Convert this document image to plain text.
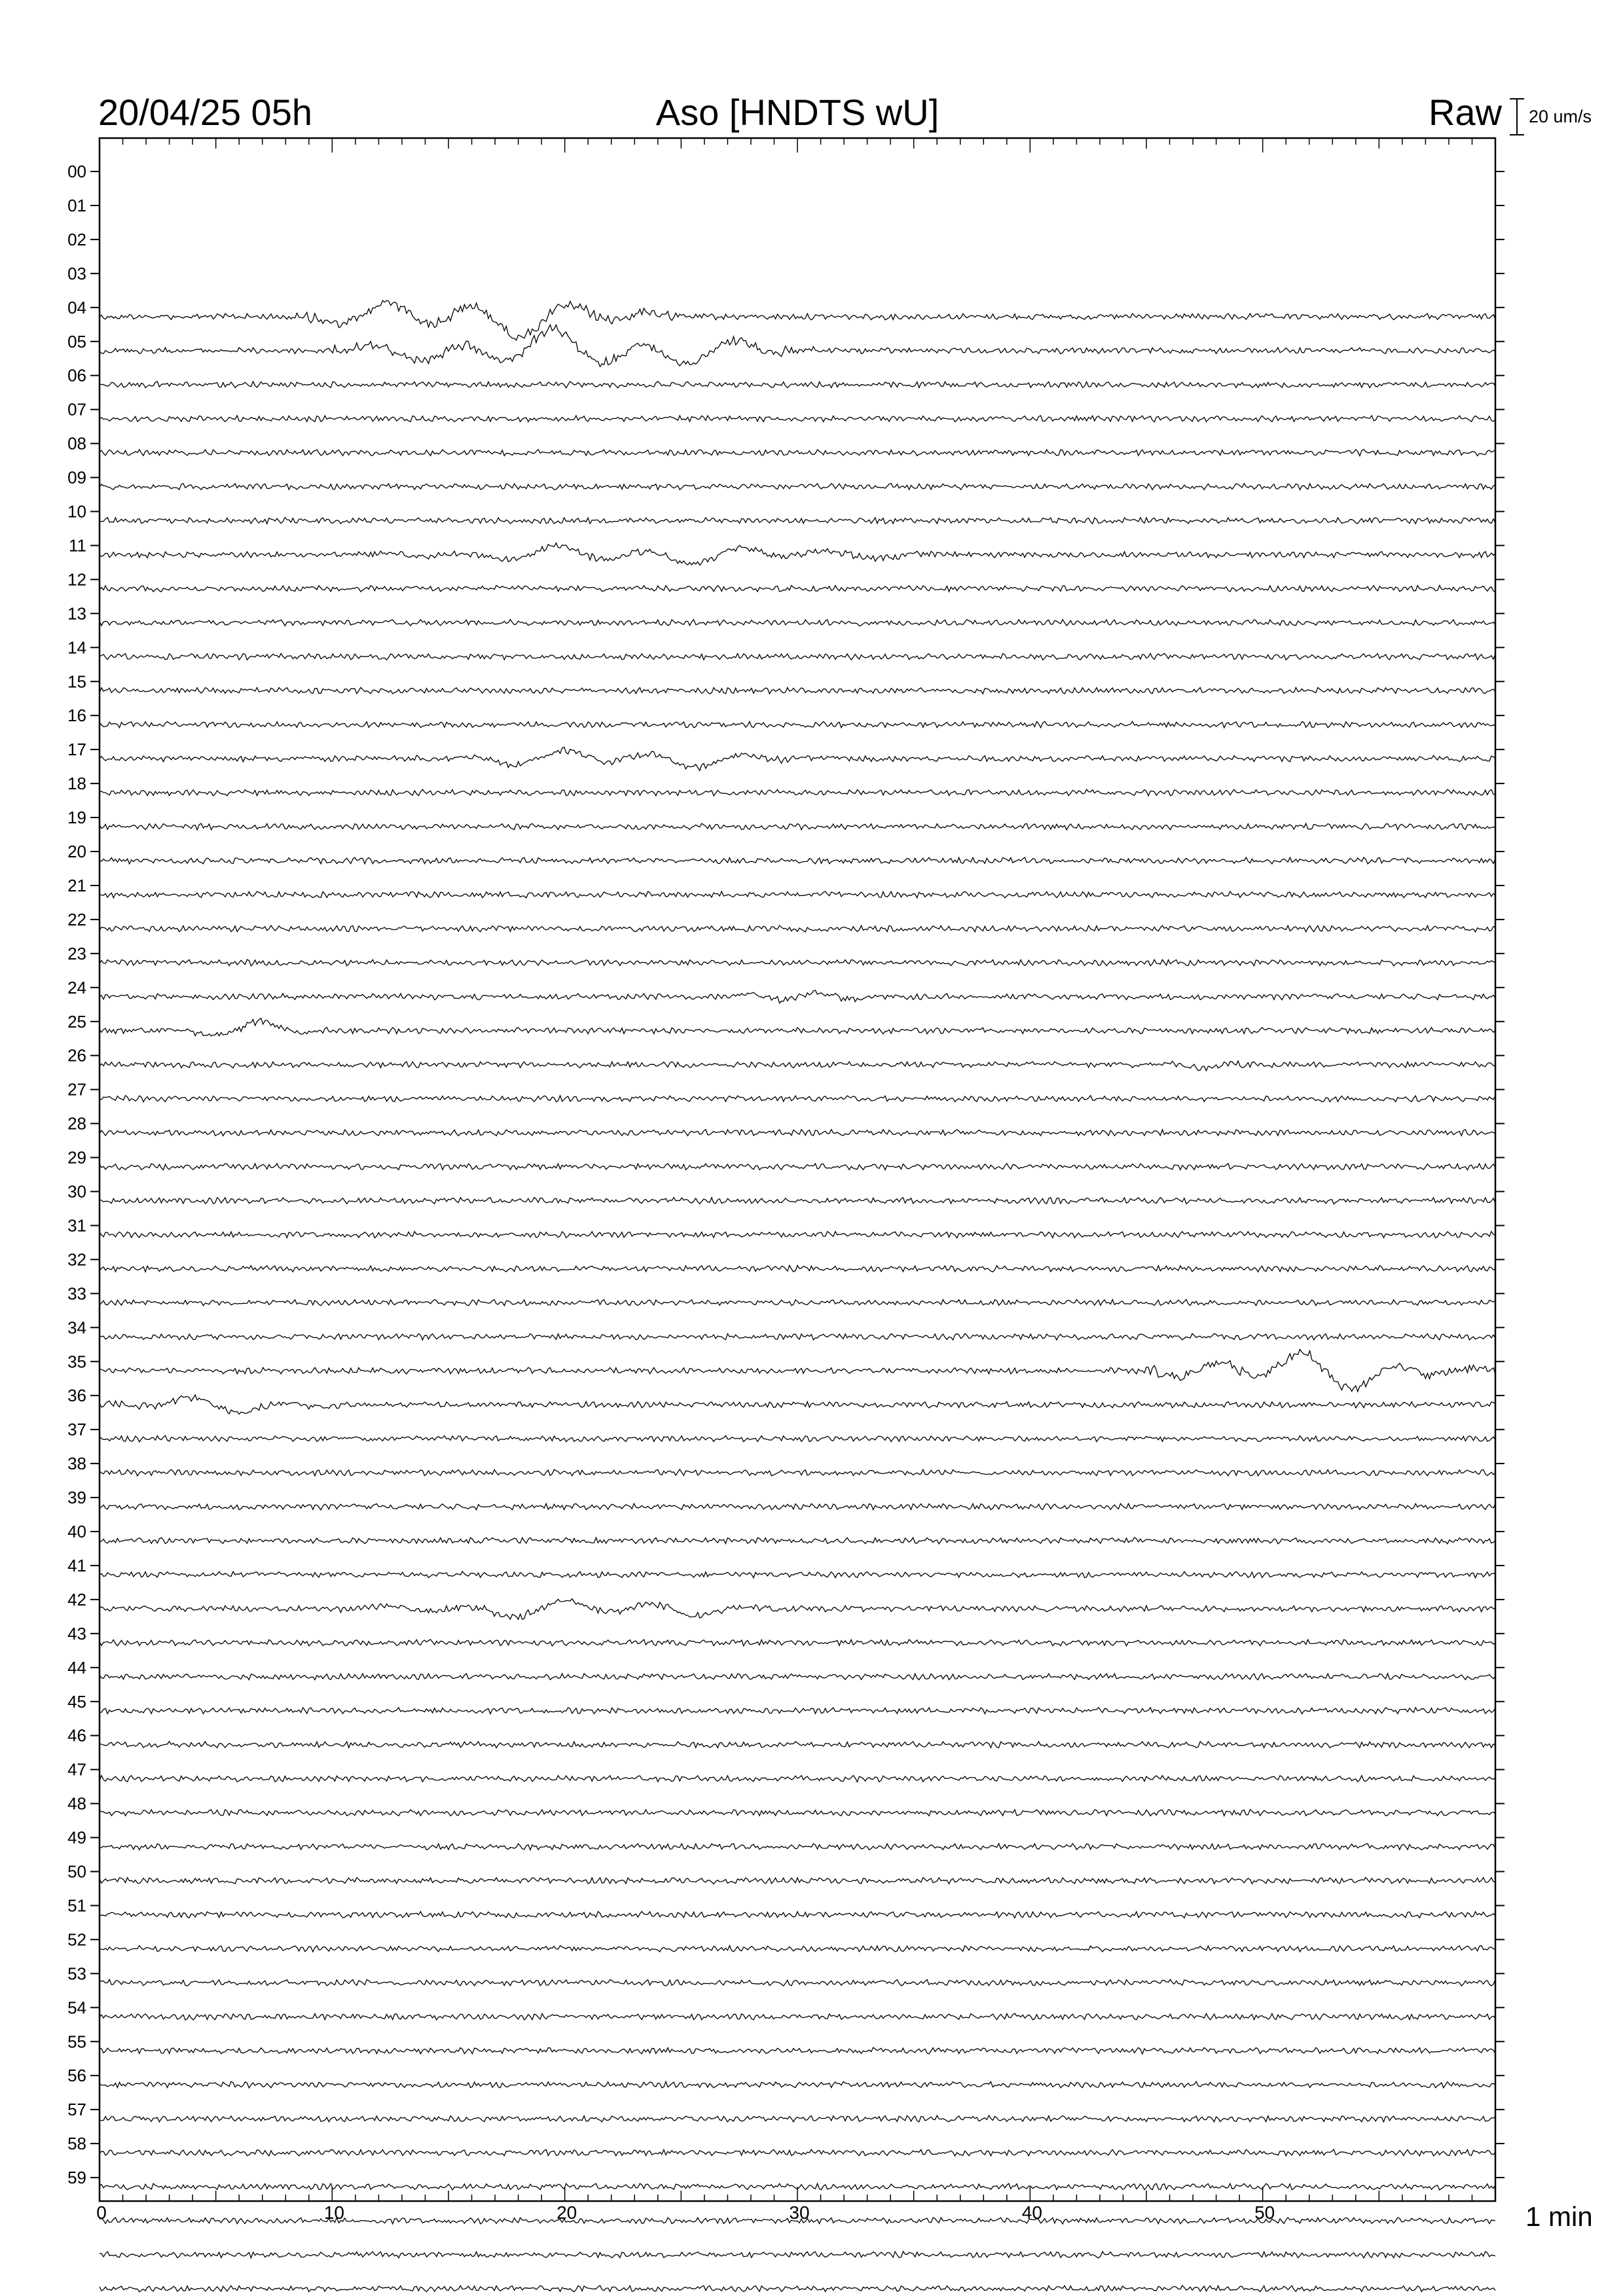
20/04/25 05h	Aso [HNDTS wU]	Raw 20 um/s
1 min
00
01
02
03
04
05
06
07
08
09
10
11
12
13
14
15
16
17
18
19
20
21
22
23
24
25
26
27
28
29
30
31
32
33
34
35
36
37
38
39
40
41
42
43
44
45
46
47
48
49
50
51
52
53
54
55
56
57
58
59
0	10	20	30	40	50
